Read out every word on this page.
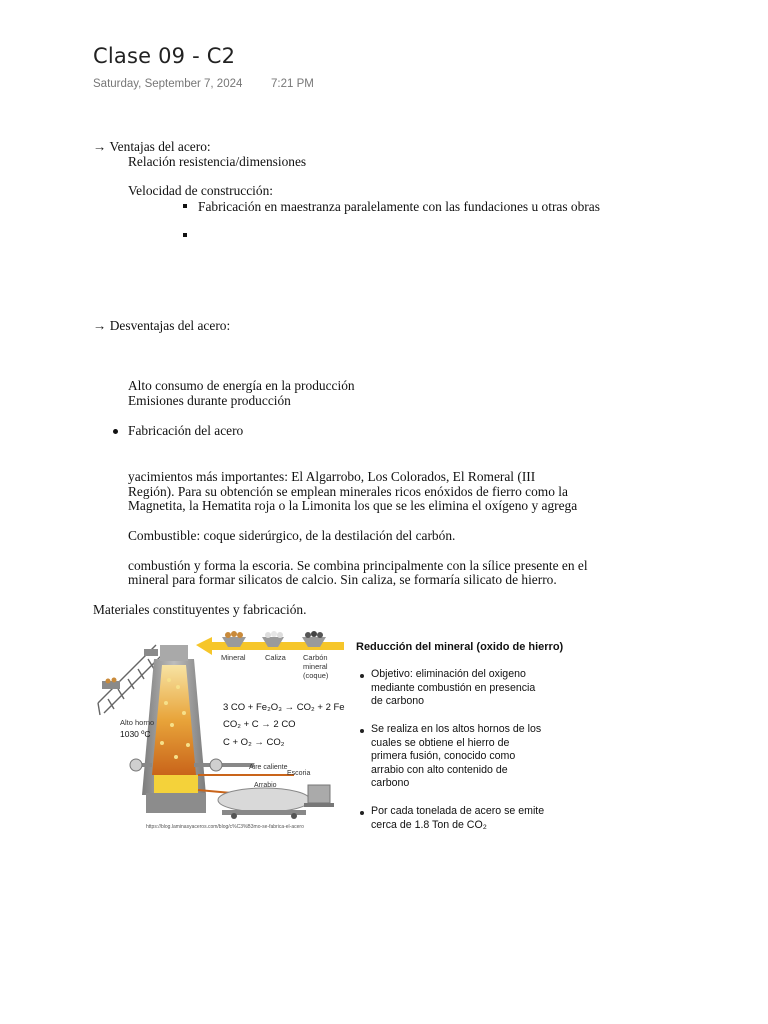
Clase 09 - C2
Saturday, September 7, 2024 7:21 PM
→ Ventajas del acero:
Relación resistencia/dimensiones
Velocidad de construcción:
Fabricación en maestranza paralelamente con las fundaciones u otras obras
→ Desventajas del acero:
Alto consumo de energía en la producción
Emisiones durante producción
Fabricación del acero
yacimientos más importantes: El Algarrobo, Los Colorados, El Romeral (III
Región). Para su obtención se emplean minerales ricos enóxidos de fierro como la
Magnetita, la Hematita roja o la Limonita los que se les elimina el oxígeno y agrega
Combustible: coque siderúrgico, de la destilación del carbón.
combustión y forma la escoria. Se combina principalmente con la sílice presente en el
mineral para formar silicatos de calcio. Sin caliza, se formaría silicato de hierro.
Materiales constituyentes y fabricación.
Mineral	Caliza Carbón
mineral
(coque)
3 CO + Fe₂O₃ → CO₂ + 2 Fe
CO₂ + C → 2 CO
C + O₂ → CO₂
Alto horno
1030 ºC
Aire caliente
Escoria
Arrabio
https://blog.laminasyaceros.com/blog/c%C3%B3mo-se-fabrica-el-acero
Reducción del mineral (oxido de hierro)
Objetivo: eliminación del oxigeno
mediante combustión en presencia
de carbono
Se realiza en los altos hornos de los
cuales se obtiene el hierro de
primera fusión, conocido como
arrabio con alto contenido de
carbono
Por cada tonelada de acero se emite
cerca de 1.8 Ton de CO₂
